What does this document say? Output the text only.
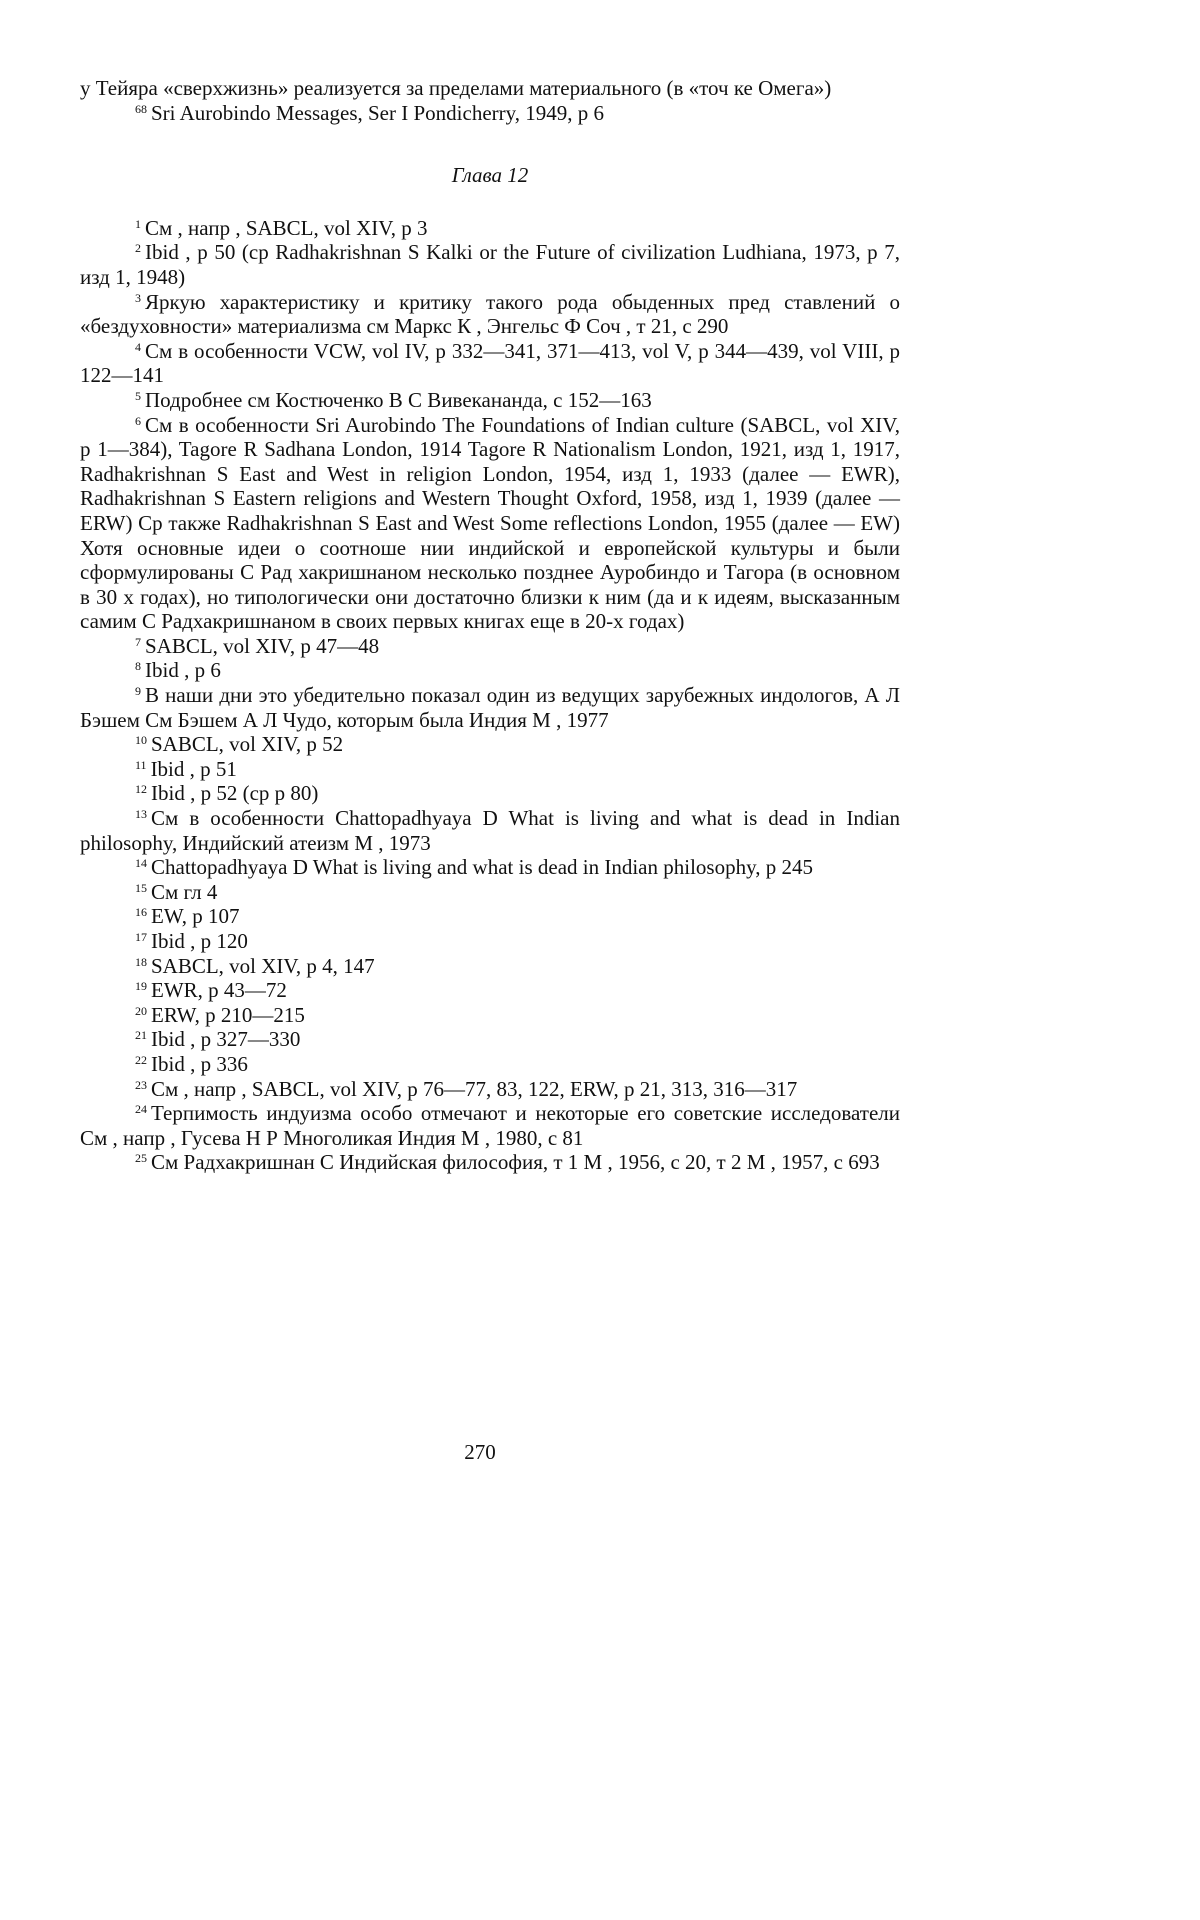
у Тейяра «сверхжизнь» реализуется за пределами материального (в «точ ке Омега»)

$^{68}$ Sri Aurobindo Messages, Ser I Pondicherry, 1949, p 6

Глава 12

$^1$ См , напр , SABCL, vol XIV, p 3

$^2$ Ibid , p 50 (ср Radhakrishnan S Kalki or the Future of civilization Ludhiana, 1973, p 7, изд 1, 1948)

$^3$ Яркую характеристику и критику такого рода обыденных пред ставлений о «бездуховности» материализма см Маркс К , Энгельс Ф Соч , т 21, с 290

$^4$ См в особенности VCW, vol IV, p 332—341, 371—413, vol V, p 344—439, vol VIII, p 122—141

$^5$ Подробнее см Костюченко В С Вивекананда, с 152—163

$^6$ См в особенности Sri Aurobindo The Foundations of Indian culture (SABCL, vol XIV, p 1—384), Tagore R Sadhana London, 1914 Tagore R Nationalism London, 1921, изд 1, 1917, Radhakrishnan S East and West in religion London, 1954, изд 1, 1933 (далее — EWR), Radhakrishnan S Eastern religions and Western Thought Oxford, 1958, изд 1, 1939 (далее — ERW) Ср также Radhakrishnan S East and West Some reflections London, 1955 (далее — EW) Хотя основные идеи о соотноше нии индийской и европейской культуры и были сформулированы С Рад хакришнаном несколько позднее Ауробиндо и Тагора (в основном в 30 х годах), но типологически они достаточно близки к ним (да и к идеям, высказанным самим С Радхакришнаном в своих первых книгах еще в 20-х годах)

$^7$ SABCL, vol XIV, p 47—48

$^8$ Ibid , p 6

$^9$ В наши дни это убедительно показал один из ведущих зарубежных индологов, А Л Бэшем См Бэшем А Л Чудо, которым была Индия М , 1977

$^{10}$ SABCL, vol XIV, p 52

$^{11}$ Ibid , p 51

$^{12}$ Ibid , p 52 (ср p 80)

$^{13}$ См в особенности Chattopadhyaya D What is living and what is dead in Indian philosophy, Индийский атеизм М , 1973

$^{14}$ Chattopadhyaya D What is living and what is dead in Indian philosophy, p 245

$^{15}$ См гл 4

$^{16}$ EW, p 107

$^{17}$ Ibid , p 120

$^{18}$ SABCL, vol XIV, p 4, 147

$^{19}$ EWR, p 43—72

$^{20}$ ERW, p 210—215

$^{21}$ Ibid , p 327—330

$^{22}$ Ibid , p 336

$^{23}$ См , напр , SABCL, vol XIV, p 76—77, 83, 122, ERW, p 21, 313, 316—317

$^{24}$ Терпимость индуизма особо отмечают и некоторые его советские исследователи См , напр , Гусева Н Р Многоликая Индия М , 1980, с 81

$^{25}$ См Радхакришнан С Индийская философия, т 1 М , 1956, с 20, т 2 М , 1957, с 693

270
